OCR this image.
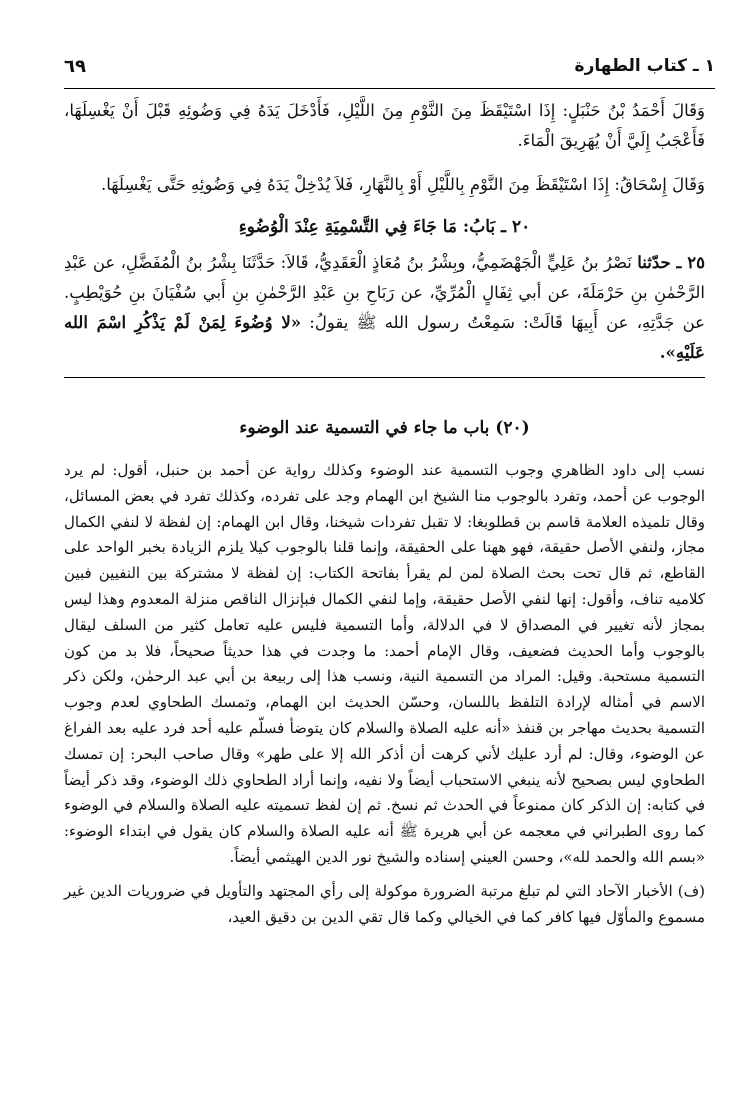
١ ـ كتاب الطهارة
٦٩

وَقَالَ أَحْمَدُ بْنُ حَنْبَلٍ: إِذَا اسْتَيْقَظَ مِنَ النَّوْمِ مِنَ اللَّيْلِ، فَأَدْخَلَ يَدَهُ فِي وَضُوئِهِ قَبْلَ أَنْ يَغْسِلَهَا، فَأَعْجَبُ إِلَيَّ أَنْ يُهَرِيقَ الْمَاءَ.

وَقَالَ إِسْحَاقُ: إِذَا اسْتَيْقَظَ مِنَ النَّوْمِ بِاللَّيْلِ أَوْ بِالنَّهَارِ، فَلاَ يُدْخِلْ يَدَهُ فِي وَضُوئِهِ حَتَّى يَغْسِلَهَا.

٢٠ ـ بَابُ: مَا جَاءَ فِي التَّسْمِيَةِ عِنْدَ الْوُضُوءِ

٢٥ ـ حدّثنا نَصْرُ بنُ عَلِيٍّ الْجَهْضَمِيُّ، وبِشْرُ بنُ مُعَاذٍ الْعَقَدِيُّ، قَالاَ: حَدَّثَنَا بِشْرُ بنُ الْمُفَضَّلِ، عن عَبْدِ الرَّحْمٰنِ بنِ حَرْمَلَةَ، عن أبي ثِفَالٍ الْمُرِّيِّ، عن رَبَاحِ بنِ عَبْدِ الرَّحْمٰنِ بنِ أَبي سُفْيَانَ بنِ حُوَيْطِبٍ. عن جَدَّتِهِ، عن أَبِيهَا قَالَتْ: سَمِعْتُ رسول الله ﷺ يقولُ: «لا وُضُوءَ لِمَنْ لَمْ يَذْكُرِ اسْمَ الله عَلَيْهِ».

(٢٠) باب ما جاء في التسمية عند الوضوء

نسب إلى داود الظاهري وجوب التسمية عند الوضوء وكذلك رواية عن أحمد بن حنبل، أقول: لم يرد الوجوب عن أحمد، وتفرد بالوجوب منا الشيخ ابن الهمام وجد على تفرده، وكذلك تفرد في بعض المسائل، وقال تلميذه العلامة قاسم بن قطلوبغا: لا تقبل تفردات شيخنا، وقال ابن الهمام: إن لفظة لا لنفي الكمال مجاز، ولنفي الأصل حقيقة، فهو ههنا على الحقيقة، وإنما قلنا بالوجوب كيلا يلزم الزيادة بخبر الواحد على القاطع، ثم قال تحت بحث الصلاة لمن لم يقرأ بفاتحة الكتاب: إن لفظة لا مشتركة بين النفيين فبين كلاميه تناف، وأقول: إنها لنفي الأصل حقيقة، وإما لنفي الكمال فبإنزال الناقص منزلة المعدوم وهذا ليس بمجاز لأنه تغيير في المصداق لا في الدلالة، وأما التسمية فليس عليه تعامل كثير من السلف ليقال بالوجوب وأما الحديث فضعيف، وقال الإمام أحمد: ما وجدت في هذا حديثاً صحيحاً، فلا بد من كون التسمية مستحبة. وقيل: المراد من التسمية النية، ونسب هذا إلى ربيعة بن أبي عبد الرحمٰن، ولكن ذكر الاسم في أمثاله لإرادة التلفظ باللسان، وحسّن الحديث ابن الهمام، وتمسك الطحاوي لعدم وجوب التسمية بحديث مهاجر بن قنفذ «أنه عليه الصلاة والسلام كان يتوضأ فسلّم عليه أحد فرد عليه بعد الفراغ عن الوضوء، وقال: لم أرد عليك لأني كرهت أن أذكر الله إلا على طهر» وقال صاحب البحر: إن تمسك الطحاوي ليس بصحيح لأنه ينبغي الاستحباب أيضاً ولا نفيه، وإنما أراد الطحاوي ذلك الوضوء، وقد ذكر أيضاً في كتابه: إن الذكر كان ممنوعاً في الحدث ثم نسخ. ثم إن لفظ تسميته عليه الصلاة والسلام في الوضوء كما روى الطبراني في معجمه عن أبي هريرة ﷺ أنه عليه الصلاة والسلام كان يقول في ابتداء الوضوء: «بسم الله والحمد لله»، وحسن العيني إسناده والشيخ نور الدين الهيثمي أيضاً.

(ف) الأخبار الآحاد التي لم تبلغ مرتبة الضرورة موكولة إلى رأي المجتهد والتأويل في ضروريات الدين غير مسموع والمأوّل فيها كافر كما في الخيالي وكما قال تقي الدين بن دقيق العيد،
